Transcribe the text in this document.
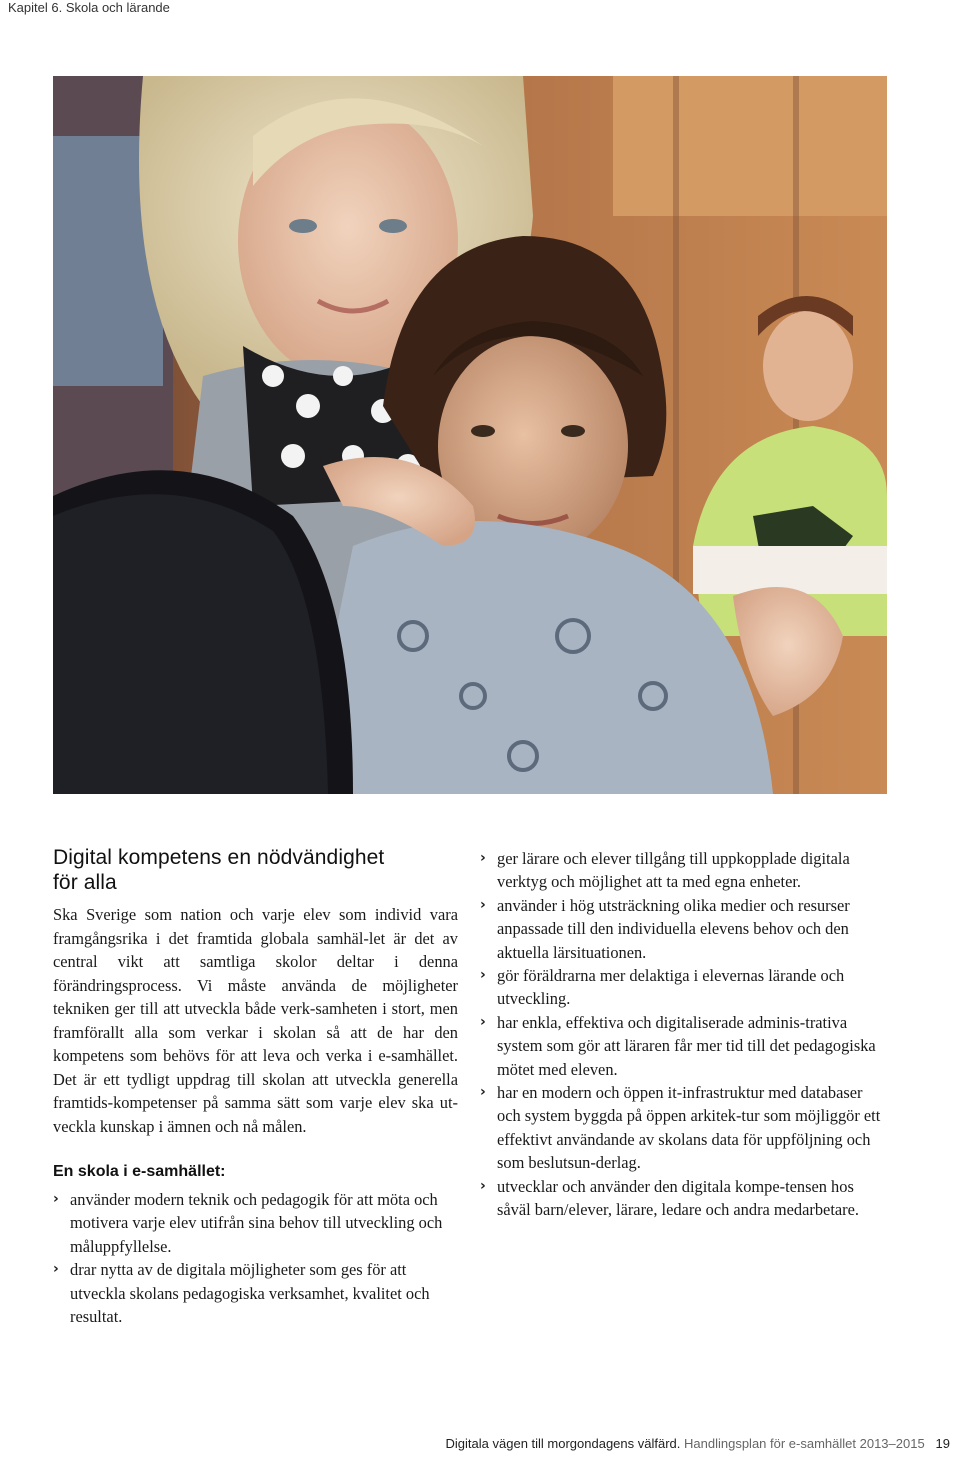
Kapitel 6. Skola och lärande
Digital kompetens en nödvändighet
för alla

Ska Sverige som nation och varje elev som individ vara framgångsrika i det framtida globala samhäl-let är det av central vikt att samtliga skolor deltar i denna förändringsprocess. Vi måste använda de möjligheter tekniken ger till att utveckla både verk-samheten i stort, men framförallt alla som verkar i skolan så att de har den kompetens som behövs för att leva och verka i e-samhället. Det är ett tydligt uppdrag till skolan att utveckla generella framtids-kompetenser på samma sätt som varje elev ska ut-veckla kunskap i ämnen och nå målen.

En skola i e-samhället:
› använder modern teknik och pedagogik för att möta och motivera varje elev utifrån sina behov till utveckling och måluppfyllelse.
› drar nytta av de digitala möjligheter som ges för att utveckla skolans pedagogiska verksamhet, kvalitet och resultat.
› ger lärare och elever tillgång till uppkopplade digitala verktyg och möjlighet att ta med egna enheter.
› använder i hög utsträckning olika medier och resurser anpassade till den individuella elevens behov och den aktuella lärsituationen.
› gör föräldrarna mer delaktiga i elevernas lärande och utveckling.
› har enkla, effektiva och digitaliserade adminis-trativa system som gör att läraren får mer tid till det pedagogiska mötet med eleven.
› har en modern och öppen it-infrastruktur med databaser och system byggda på öppen arkitek-tur som möjliggör ett effektivt användande av skolans data för uppföljning och som beslutsun-derlag.
› utvecklar och använder den digitala kompe-tensen hos såväl barn/elever, lärare, ledare och andra medarbetare.
Digitala vägen till morgondagens välfärd. Handlingsplan för e-samhället 2013–2015 19
